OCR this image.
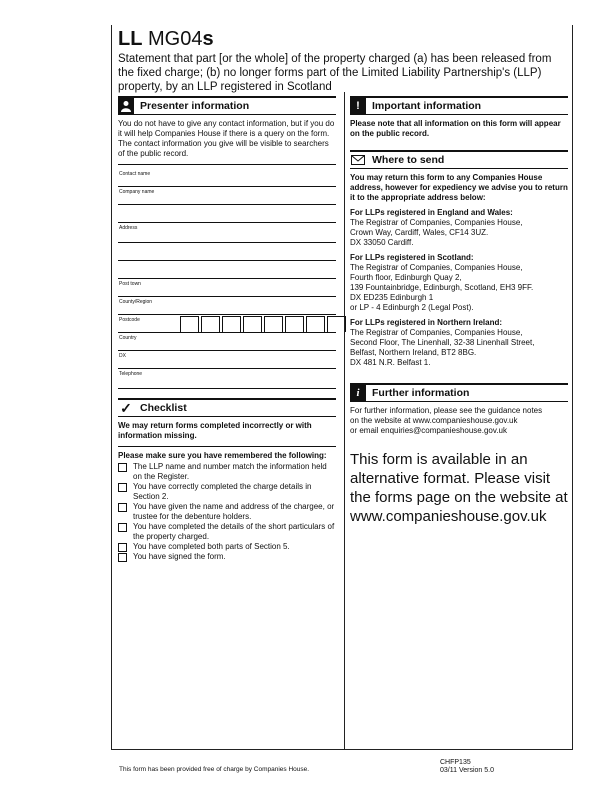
LL MG04s
Statement that part [or the whole] of the property charged (a) has been released from the fixed charge; (b) no longer forms part of the Limited Liability Partnership's (LLP) property, by an LLP registered in Scotland
Presenter information

You do not have to give any contact information, but if you do it will help Companies House if there is a query on the form. The contact information you give will be visible to searchers of the public record.

Contact name
Company name
Address
Post town
County/Region
Postcode
Country
DX
Telephone
✓ Checklist

We may return forms completed incorrectly or with information missing.

Please make sure you have remembered the following:

The LLP name and number match the information held on the Register.
You have correctly completed the charge details in Section 2.
You have given the name and address of the chargee, or trustee for the debenture holders.
You have completed the details of the short particulars of the property charged.
You have completed both parts of Section 5.
You have signed the form.
!	Important information

Please note that all information on this form will appear on the public record.

Where to send

You may return this form to any Companies House address, however for expediency we advise you to return it to the appropriate address below:

For LLPs registered in England and Wales:

The Registrar of Companies, Companies House,

Crown Way, Cardiff, Wales, CF14 3UZ.

DX 33050 Cardiff.

For LLPs registered in Scotland:

The Registrar of Companies, Companies House,

Fourth floor, Edinburgh Quay 2,

139 Fountainbridge, Edinburgh, Scotland, EH3 9FF.

DX ED235 Edinburgh 1

or LP - 4 Edinburgh 2 (Legal Post).

For LLPs registered in Northern Ireland:

The Registrar of Companies, Companies House,

Second Floor, The Linenhall, 32-38 Linenhall Street,

Belfast, Northern Ireland, BT2 8BG.

DX 481 N.R. Belfast 1.

i	Further information

For further information, please see the guidance notes

on the website at www.companieshouse.gov.uk

or email enquiries@companieshouse.gov.uk

This form is available in an alternative format. Please visit the forms page on the website at www.companieshouse.gov.uk
This form has been provided free of charge by Companies House.
CHFP135
03/11 Version 5.0
